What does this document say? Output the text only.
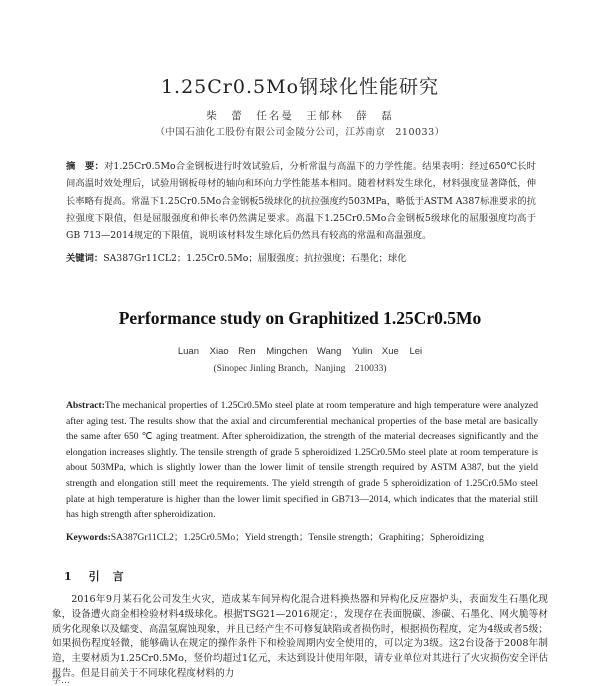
1.25Cr0.5Mo钢球化性能研究
柴　蕾　任名曼　王郁林　薛　磊
（中国石油化工股份有限公司金陵分公司，江苏南京　210033）
摘　要：对1.25Cr0.5Mo合金钢板进行时效试验后，分析常温与高温下的力学性能。结果表明：经过650℃长时间高温时效处理后，试验用钢板母材的轴向和环向力学性能基本相同。随着材料发生球化，材料强度显著降低，伸长率略有提高。常温下1.25Cr0.5Mo合金钢板5级球化的抗拉强度约503MPa，略低于ASTM A387标准要求的抗拉强度下限值，但是屈服强度和伸长率仍然满足要求。高温下1.25Cr0.5Mo合金钢板5级球化的屈服强度均高于GB 713—2014规定的下限值，说明该材料发生球化后仍然具有较高的常温和高温强度。
关键词：SA387Gr11CL2；1.25Cr0.5Mo；屈服强度；抗拉强度；石墨化；球化
Performance study on Graphitized 1.25Cr0.5Mo
Luan Xiao　Ren Mingchen　Wang Yulin　Xue Lei
(Sinopec Jinling Branch，Nanjing　210033)
Abstract:The mechanical properties of 1.25Cr0.5Mo steel plate at room temperature and high temperature were analyzed after aging test. The results show that the axial and circumferential mechanical properties of the base metal are basically the same after 650 ℃ aging treatment. After spheroidization, the strength of the material decreases significantly and the elongation increases slightly. The tensile strength of grade 5 spheroidized 1.25Cr0.5Mo steel plate at room temperature is about 503MPa, which is slightly lower than the lower limit of tensile strength required by ASTM A387, but the yield strength and elongation still meet the requirements. The yield strength of grade 5 spheroidization of 1.25Cr0.5Mo steel plate at high temperature is higher than the lower limit specified in GB713—2014, which indicates that the material still has high strength after spheroidization.
Keywords:SA387Gr11CL2；1.25Cr0.5Mo；Yield strength；Tensile strength；Graphiting；Spheroidizing
1 引　言
2016年9月某石化公司发生火灾，造成某车间异构化混合进料换热器和异构化反应器炉头，表面发生石墨化现象，设备遭火商金相检验材料4级球化。根据TSG21—2016规定：，发现存在表面脱碳、渗碳、石墨化、网火脆等材质劣化现象以及蠕变、高温氢腐蚀现象，并且已经产生不可修复缺陷或者损伤时，根据损伤程度，定为4级或者5级；如果损伤程度轻微，能够确认在规定的操作条件下和检验周期内安全使用的，可以定为3级。这2台设备于2008年制造，主要材质为1.25Cr0.5Mo，竖价均超过1亿元，未达到设计使用年限，请专业单位对其进行了火灾损伤安全评估报告。但是目前关于不同球化程度材料的力
学…
